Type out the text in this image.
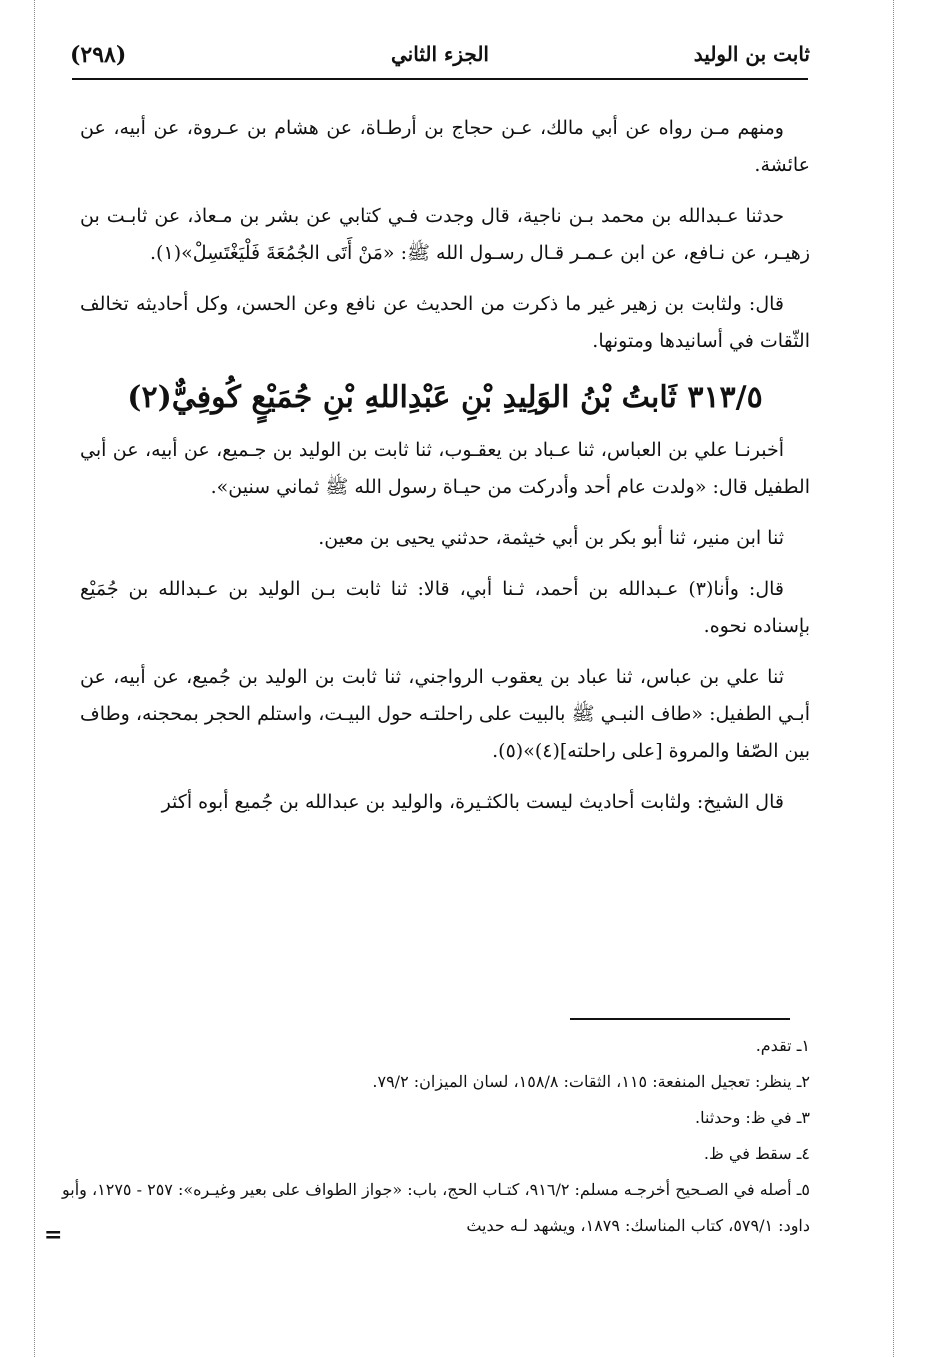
ثابت بن الوليد
الجزء الثاني
(٢٩٨)

ومنهم مـن رواه عن أبي مالك، عـن حجاج بن أرطـاة، عن هشام بن عـروة، عن أبيه، عن عائشة.

حدثنا عـبدالله بن محمد بـن ناجية، قال وجدت فـي كتابي عن بشر بن مـعاذ، عن ثابـت بن زهيـر، عن نـافع، عن ابن عـمـر قـال رسـول الله ﷺ: «مَنْ أَتَى الجُمُعَةَ فَلْيَغْتَسِلْ»(١).

قال: ولثابت بن زهير غير ما ذكرت من الحديث عن نافع وعن الحسن، وكل أحاديثه تخالف الثّقات في أسانيدها ومتونها.

٣١٣/٥ ثَابتُ بْنُ الوَلِيدِ بْنِ عَبْدِاللهِ بْنِ جُمَيْعٍ كُوفِيٌّ(٢)

أخبرنـا علي بن العباس، ثنا عـباد بن يعقـوب، ثنا ثابت بن الوليد بن جـميع، عن أبيه، عن أبي الطفيل قال: «ولدت عام أحد وأدركت من حيـاة رسول الله ﷺ ثماني سنين».

ثنا ابن منير، ثنا أبو بكر بن أبي خيثمة، حدثني يحيى بن معين.

قال: وأنا(٣) عـبدالله بن أحمد، ثـنا أبي، قالا: ثنا ثابت بـن الوليد بن عـبدالله بن جُمَيْع بإسناده نحوه.

ثنا علي بن عباس، ثنا عباد بن يعقوب الرواجني، ثنا ثابت بن الوليد بن جُميع، عن أبيه، عن أبـي الطفيل: «طاف النبـي ﷺ بالبيت على راحلتـه حول البيـت، واستلم الحجر بمحجنه، وطاف بين الصّفا والمروة [على راحلته](٤)»(٥).

قال الشيخ: ولثابت أحاديث ليست بالكثـيرة، والوليد بن عبدالله بن جُميع أبوه أكثر

١ـ تقدم.

٢ـ ينظر: تعجيل المنفعة: ١١٥، الثقات: ١٥٨/٨، لسان الميزان: ٧٩/٢.

٣ـ في ظ: وحدثنا.

٤ـ سقط في ظ.

٥ـ أصله في الصـحيح أخرجـه مسلم: ٩١٦/٢، كتـاب الحج، باب: «جواز الطواف على بعير وغيـره»: ٢٥٧ - ١٢٧٥، وأبو داود: ٥٧٩/١، كتاب المناسك: ١٨٧٩، ويشهد لـه حديث

=
